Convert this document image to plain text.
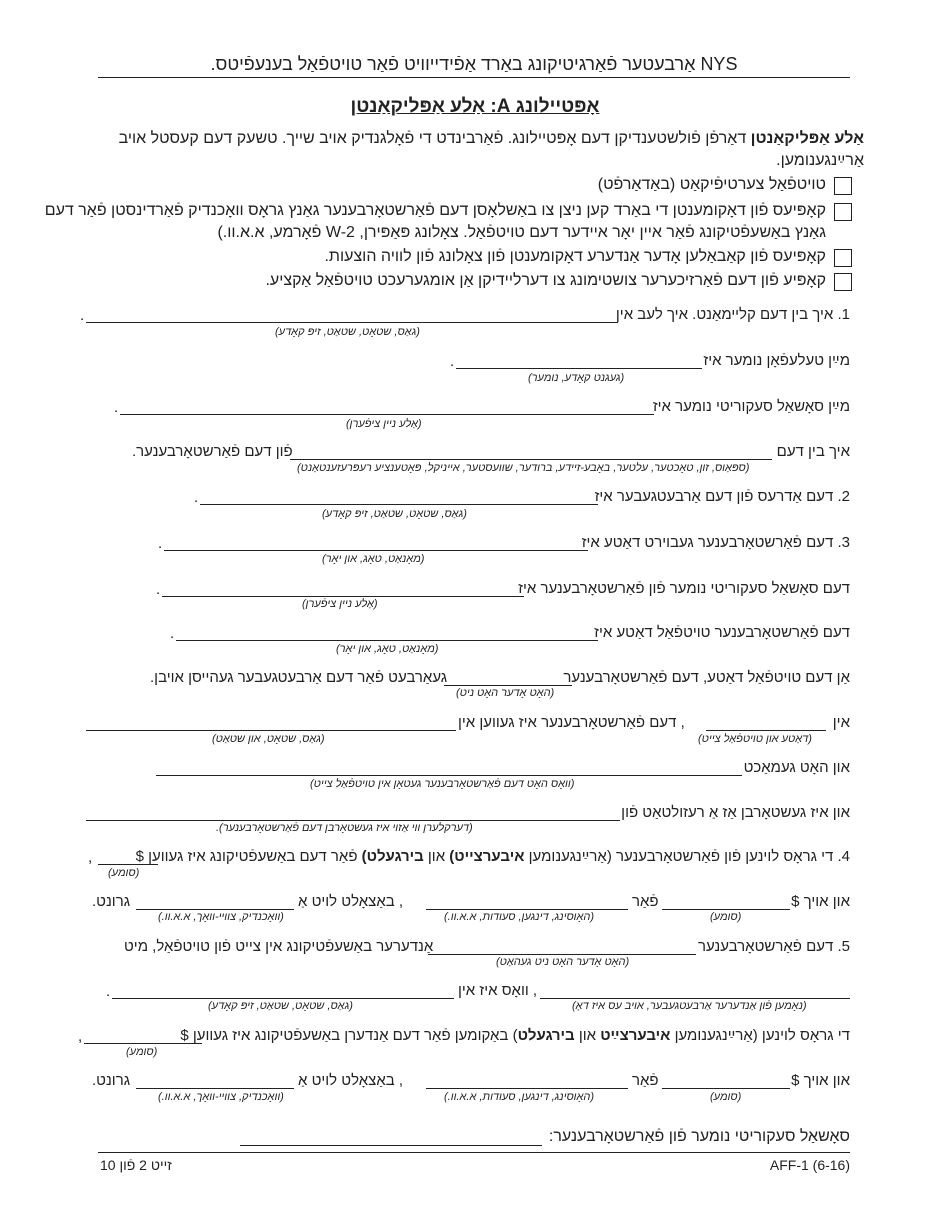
NYS אַרבעטער פֿאַרגיטיקונג באַרד אַפֿידייוויט פֿאַר טויטפֿאַל בענעפֿיטס.
אָפּטיילונג A: אַלע אַפּליקאַנטן
אַלע אַפּליקאַנטן דאַרפֿן פֿולשטענדיקן דעם אָפּטיילונג. פֿאַרבינדט די פֿאָלגנדיק אויב שייך. טשעק דעם קעסטל אויב אַרײַנגענומען.
טויטפֿאַל צערטיפֿיקאַט (באַדאַרפֿט)
קאָפּיעס פֿון דאָקומענטן די באַרד קען ניצן צו באַשלאָסן דעם פֿאַרשטאָרבענער גאַנץ גראָס וואָכנדיק פֿאַרדינסטן פֿאַר דעם גאַנץ באַשעפֿטיקונג פֿאַר איין יאָר איידער דעם טויטפֿאַל. צאָלונג פּאַפּירן, W-2 פֿאָרמע, א.א.וו.)
קאָפּיעס פֿון קאַבאַלען אָדער אַנדערע דאָקומענטן פֿון צאָלונג פֿון לוויה הוצעות.
קאָפּיע פֿון דעם פֿאַרזיכערער צושטימונג צו דערליידיקן אַן אומגערעכט טויטפֿאַל אַקציע.
1. איך בין דעם קלײמאַנט. איך לעב אין
.
(גאַס, שטאָט, שטאַט, זיפּ קאָדע)
מײַן טעלעפֿאָן נומער איז
.
(געגנט קאָדע, נומער)
מײַן סאָשאַל סעקוריטי נומער איז
.
(אַלע ניין ציפֿערן)
איך בין דעם
פֿון דעם פֿאַרשטאָרבענער.
(ספּאַוס, זון, טאָכטער, עלטער, באָבע-זיידע, ברודער, שוועסטער, אייניקל, פּאָטענציע רעפּרעזענטאַנט)
2. דעם אַדרעס פֿון דעם אַרבעטגעבער איז
.
(גאַס, שטאָט, שטאַט, זיפּ קאָדע)
3. דעם פֿאַרשטאָרבענער געבוירט דאַטע איז
.
(מאָנאַט, טאָג, און יאָר)
דעם סאָשאַל סעקוריטי נומער פֿון פֿאַרשטאָרבענער איז
.
(אַלע ניין ציפֿערן)
דעם פֿאַרשטאָרבענער טויטפֿאַל דאַטע איז
.
(מאָנאַט, טאָג, און יאָר)
אַן דעם טויטפֿאַל דאַטע, דעם פֿאַרשטאָרבענער
געאַרבעט פֿאַר דעם אַרבעטגעבער געהייסן אויבן.
(האָט אָדער האָט ניט)
אין
, דעם פֿאַרשטאָרבענער איז געווען אין
(דאַטע און טויטפֿאַל צייט)
(גאַס, שטאָט, און שטאַט)
און האָט געמאַכט
(וואָס האָט דעם פֿאַרשטאָרבענער געטאָן אין טויטפֿאַל צייט)
און איז געשטאָרבן אַז אַ רעזולטאַט פֿון
(דערקלערן ווי אַזוי איז געשטאָרבן דעם פֿאַרשטאָרבענער).
4. די גראָס לוינען פֿון פֿאַרשטאָרבענער (אַרײַנגענומען איבערצייט) און בירגעלט) פֿאַר דעם באַשעפֿטיקונג איז געווען $
,
(סומע)
און אויך $
פֿאַר
, באַצאָלט לויט אַ
גרונט.
(סומע)
(האָוסינג, דינגען, סעודות, א.א.וו.)
(וואָכנדיק, צווײ-וואָך, א.א.וו.)
5. דעם פֿאַרשטאָרבענער
אַנדערער באַשעפֿטיקונג אין צייט פֿון טויטפֿאַל, מיט
(האָט אָדער האָט ניט געהאַט)
, וואָס איז אין
.
(נאָמען פֿון אַנדערער אַרבעטגעבער, אויב עס איז דאָ)
(גאַס, שטאָט, שטאַט, זיפּ קאָדע)
די גראָס לוינען (אַרײַנגענומען איבערצײַט און בירגעלט) באַקומען פֿאַר דעם אַנדערן באַשעפֿטיקונג איז געווען $
,
(סומע)
און אויך $
פֿאַר
, באַצאָלט לויט אַ
גרונט.
(סומע)
(האָוסינג, דינגען, סעודות, א.א.וו.)
(וואָכנדיק, צווײ-וואָך, א.א.וו.)
סאָשאַל סעקוריטי נומער פֿון פֿאַרשטאָרבענער:
AFF-1 (6-16)
זייט 2 פֿון 10
